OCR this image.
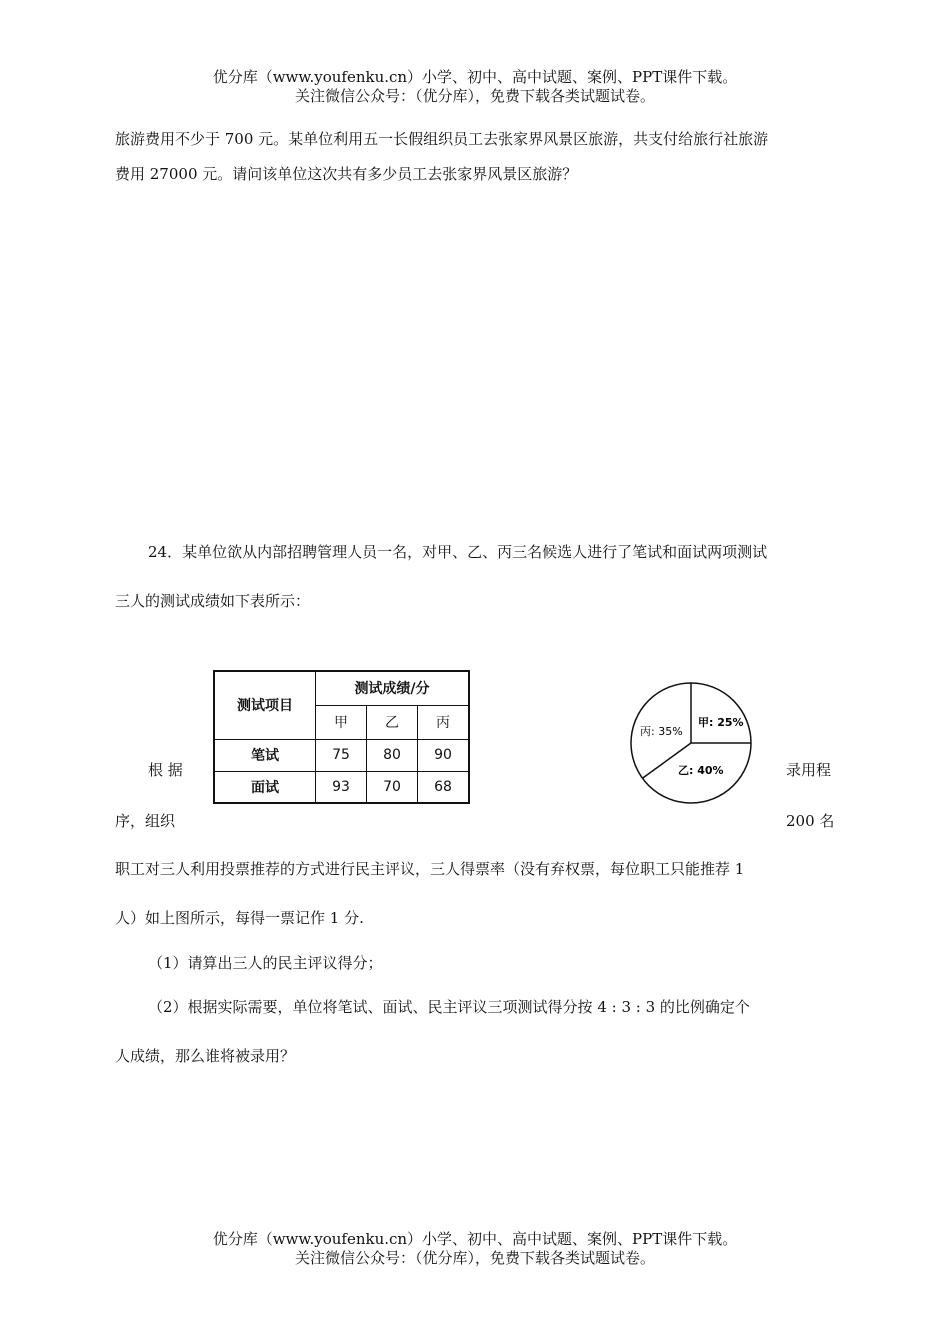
优分库（www.youfenku.cn）小学、初中、高中试题、案例、PPT课件下载。
关注微信公众号：（优分库），免费下载各类试题试卷。
旅游费用不少于 700 元。某单位利用五一长假组织员工去张家界风景区旅游，共支付给旅行社旅游
费用 27000 元。请问该单位这次共有多少员工去张家界风景区旅游？
24．某单位欲从内部招聘管理人员一名，对甲、乙、丙三名候选人进行了笔试和面试两项测试
三人的测试成绩如下表所示：
测试项目	测试成绩/分		
	甲	乙	丙
笔试	75	80	90
面试	93	70	68
根 据
序，组织
录用程
200 名
甲: 25%
乙: 40%
丙: 35%
职工对三人利用投票推荐的方式进行民主评议，三人得票率（没有弃权票，每位职工只能推荐 1
人）如上图所示，每得一票记作 1 分.
（1）请算出三人的民主评议得分；
（2）根据实际需要，单位将笔试、面试、民主评议三项测试得分按 4 : 3 : 3 的比例确定个
人成绩，那么谁将被录用？
优分库（www.youfenku.cn）小学、初中、高中试题、案例、PPT课件下载。
关注微信公众号：（优分库），免费下载各类试题试卷。
